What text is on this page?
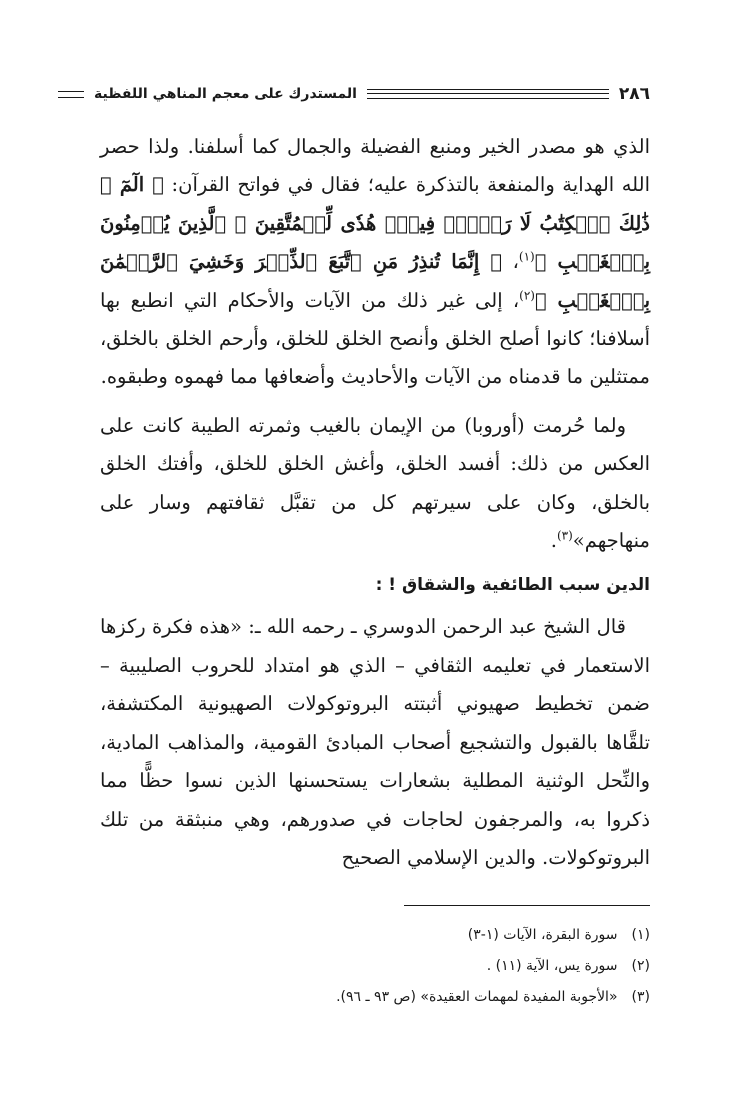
٢٨٦
المستدرك على معجم المناهي اللفظية

الذي هو مصدر الخير ومنبع الفضيلة والجمال كما أسلفنا. ولذا حصر الله الهداية والمنفعة بالتذكرة عليه؛ فقال في فواتح القرآن: ﴿ الٓمٓ ۞ ذَٰلِكَ ٱلۡكِتَٰبُ لَا رَيۡبَۛ فِيهِۛ هُدٗى لِّلۡمُتَّقِينَ ۞ ٱلَّذِينَ يُؤۡمِنُونَ بِٱلۡغَيۡبِ ﴾$^{(١)}$، ﴿ إِنَّمَا تُنذِرُ مَنِ ٱتَّبَعَ ٱلذِّكۡرَ وَخَشِيَ ٱلرَّحۡمَٰنَ بِٱلۡغَيۡبِ ﴾$^{(٢)}$، إلى غير ذلك من الآيات والأحكام التي انطبع بها أسلافنا؛ كانوا أصلح الخلق وأنصح الخلق للخلق، وأرحم الخلق بالخلق، ممتثلين ما قدمناه من الآيات والأحاديث وأضعافها مما فهموه وطبقوه.

ولما حُرمت (أوروبا) من الإيمان بالغيب وثمرته الطيبة كانت على العكس من ذلك: أفسد الخلق، وأغش الخلق للخلق، وأفتك الخلق بالخلق، وكان على سيرتهم كل من تقبَّل ثقافتهم وسار على منهاجهم»$^{(٣)}$.

الدين سبب الطائفية والشقاق ! :

قال الشيخ عبد الرحمن الدوسري ـ رحمه الله ـ: «هذه فكرة ركزها الاستعمار في تعليمه الثقافي – الذي هو امتداد للحروب الصليبية – ضمن تخطيط صهيوني أثبتته البروتوكولات الصهيونية المكتشفة، تلقَّاها بالقبول والتشجيع أصحاب المبادئ القومية، والمذاهب المادية، والنِّحل الوثنية المطلية بشعارات يستحسنها الذين نسوا حظًّا مما ذكروا به، والمرجفون لحاجات في صدورهم، وهي منبثقة من تلك البروتوكولات. والدين الإسلامي الصحيح

(١)
سورة البقرة، الآيات (١-٣)
(٢)
سورة يس، الآية (١١) .
(٣)
«الأجوبة المفيدة لمهمات العقيدة» (ص ٩٣ ـ ٩٦).
